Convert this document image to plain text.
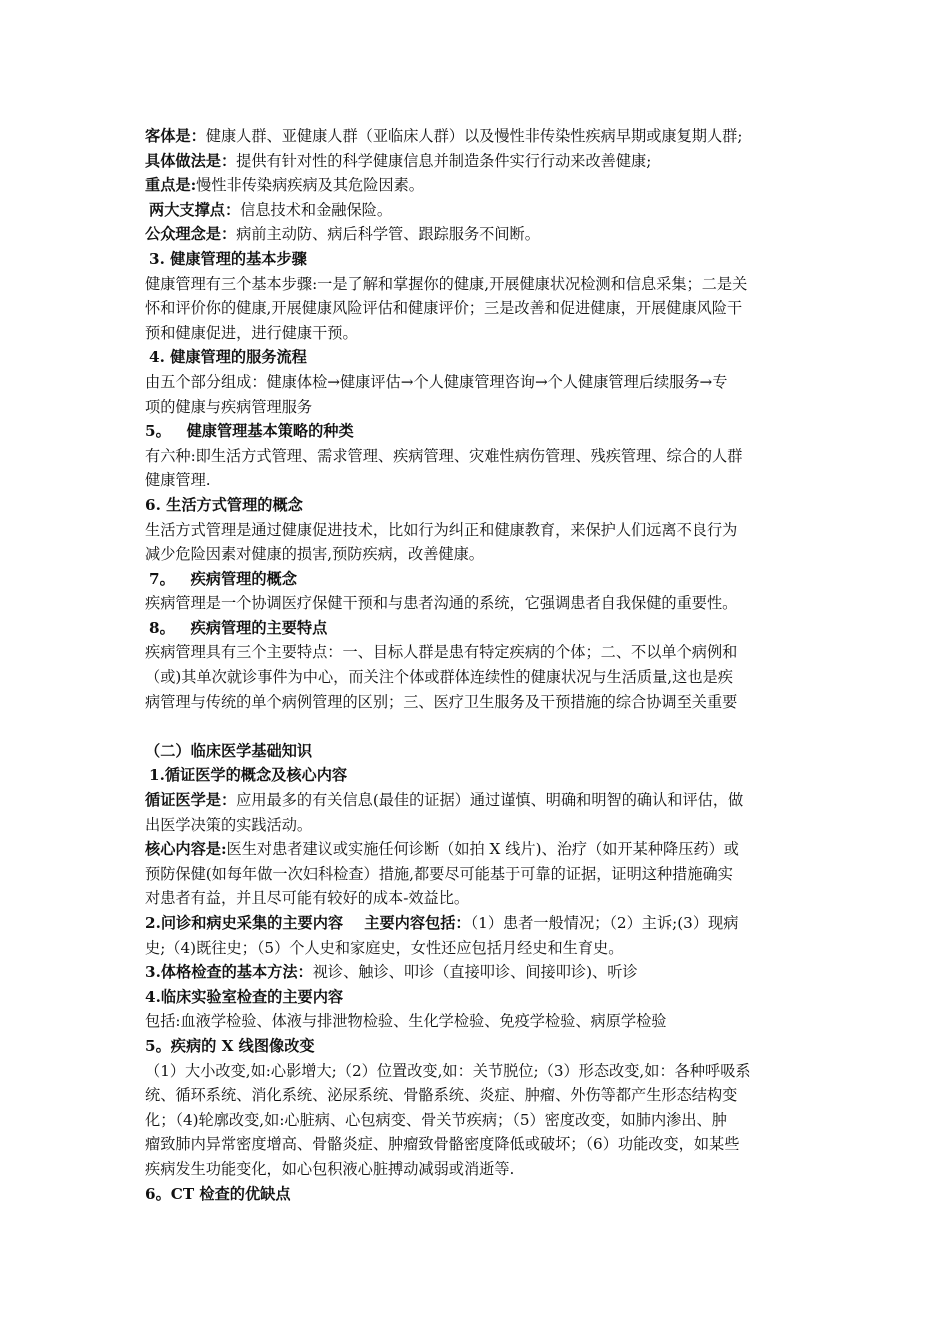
客体是：健康人群、亚健康人群（亚临床人群）以及慢性非传染性疾病早期或康复期人群;
具体做法是：提供有针对性的科学健康信息并制造条件实行行动来改善健康;
重点是:慢性非传染病疾病及其危险因素。
两大支撑点：信息技术和金融保险。
公众理念是：病前主动防、病后科学管、跟踪服务不间断。
3. 健康管理的基本步骤
健康管理有三个基本步骤:一是了解和掌握你的健康,开展健康状况检测和信息采集；二是关
怀和评价你的健康,开展健康风险评估和健康评价；三是改善和促进健康，开展健康风险干
预和健康促进，进行健康干预。
4. 健康管理的服务流程
由五个部分组成：健康体检→健康评估→个人健康管理咨询→个人健康管理后续服务→专
项的健康与疾病管理服务
5。   健康管理基本策略的种类
有六种:即生活方式管理、需求管理、疾病管理、灾难性病伤管理、残疾管理、综合的人群
健康管理.
6. 生活方式管理的概念
生活方式管理是通过健康促进技术，比如行为纠正和健康教育，来保护人们远离不良行为
减少危险因素对健康的损害,预防疾病，改善健康。
7。   疾病管理的概念
疾病管理是一个协调医疗保健干预和与患者沟通的系统，它强调患者自我保健的重要性。
8。   疾病管理的主要特点
疾病管理具有三个主要特点：一、目标人群是患有特定疾病的个体；二、不以单个病例和
（或)其单次就诊事件为中心，而关注个体或群体连续性的健康状况与生活质量,这也是疾
病管理与传统的单个病例管理的区别；三、医疗卫生服务及干预措施的综合协调至关重要
（二）临床医学基础知识
1.循证医学的概念及核心内容
循证医学是：应用最多的有关信息(最佳的证据）通过谨慎、明确和明智的确认和评估，做
出医学决策的实践活动。
核心内容是:医生对患者建议或实施任何诊断（如拍 X 线片)、治疗（如开某种降压药）或
预防保健(如每年做一次妇科检查）措施,都要尽可能基于可靠的证据，证明这种措施确实
对患者有益，并且尽可能有较好的成本-效益比。
2.问诊和病史采集的主要内容    主要内容包括：（1）患者一般情况；（2）主诉;(3）现病
史;（4)既往史；（5）个人史和家庭史，女性还应包括月经史和生育史。
3.体格检查的基本方法：视诊、触诊、叩诊（直接叩诊、间接叩诊)、听诊
4.临床实验室检查的主要内容
包括:血液学检验、体液与排泄物检验、生化学检验、免疫学检验、病原学检验
5。疾病的 X 线图像改变
（1）大小改变,如:心影增大;（2）位置改变,如：关节脱位;（3）形态改变,如：各种呼吸系
统、循环系统、消化系统、泌尿系统、骨骼系统、炎症、肿瘤、外伤等都产生形态结构变
化；（4)轮廓改变,如:心脏病、心包病变、骨关节疾病；（5）密度改变，如肺内渗出、肿
瘤致肺内异常密度增高、骨骼炎症、肿瘤致骨骼密度降低或破坏；（6）功能改变，如某些
疾病发生功能变化，如心包积液心脏搏动减弱或消逝等.
6。CT 检查的优缺点
